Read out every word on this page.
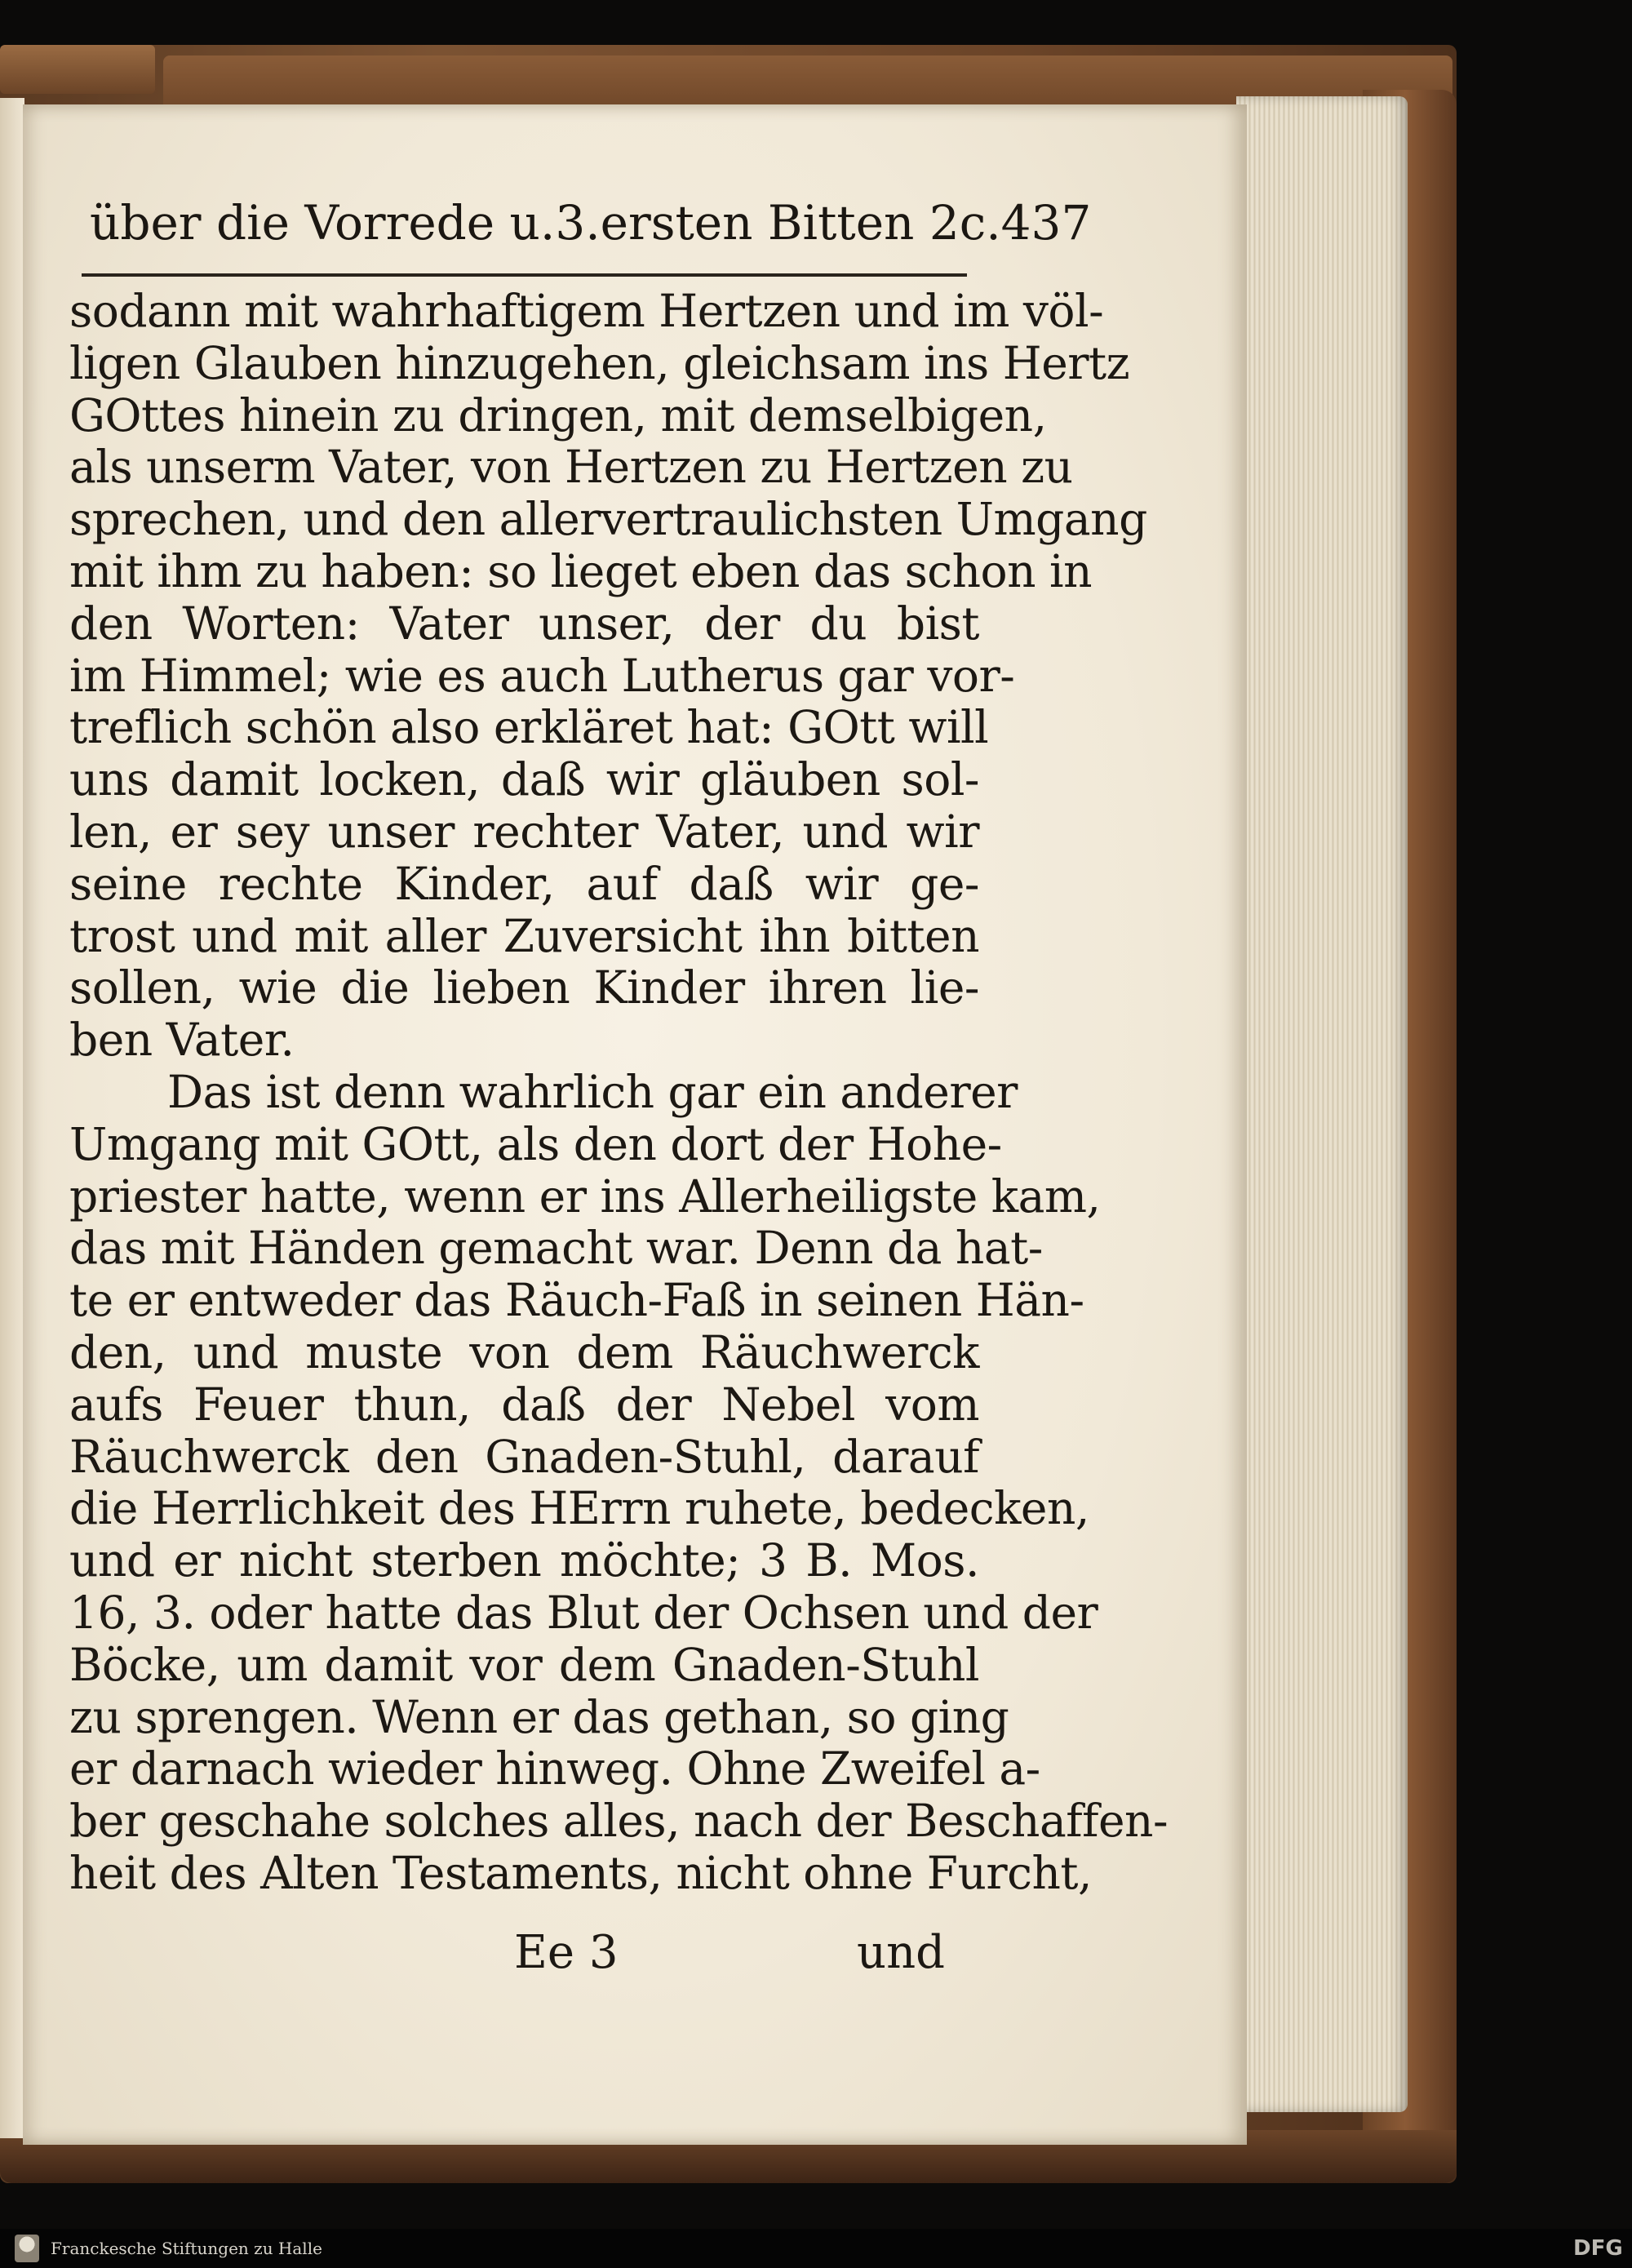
über die Vorrede u.3.ersten Bitten 2c. 437
sodann mit wahrhaftigem Hertzen und im völ-
ligen Glauben hinzugehen, gleichsam ins Hertz
GOttes hinein zu dringen, mit demselbigen,
als unserm Vater, von Hertzen zu Hertzen zu
sprechen, und den allervertraulichsten Umgang
mit ihm zu haben: so lieget eben das schon in
den Worten: Vater unser, der du bist
im Himmel; wie es auch Lutherus gar vor-
treflich schön also erkläret hat: GOtt will
uns damit locken, daß wir gläuben sol-
len, er sey unser rechter Vater, und wir
seine rechte Kinder, auf daß wir ge-
trost und mit aller Zuversicht ihn bitten
sollen, wie die lieben Kinder ihren lie-
ben Vater.
Das ist denn wahrlich gar ein anderer
Umgang mit GOtt, als den dort der Hohe-
priester hatte, wenn er ins Allerheiligste kam,
das mit Händen gemacht war. Denn da hat-
te er entweder das Räuch-Faß in seinen Hän-
den, und muste von dem Räuchwerck
aufs Feuer thun, daß der Nebel vom
Räuchwerck den Gnaden-Stuhl, darauf
die Herrlichkeit des HErrn ruhete, bedecken,
und er nicht sterben möchte; 3 B. Mos.
16, 3. oder hatte das Blut der Ochsen und der
Böcke, um damit vor dem Gnaden-Stuhl
zu sprengen. Wenn er das gethan, so ging
er darnach wieder hinweg. Ohne Zweifel a-
ber geschahe solches alles, nach der Beschaffen-
heit des Alten Testaments, nicht ohne Furcht,
Ee 3	und
Franckesche Stiftungen zu Halle	DFG
